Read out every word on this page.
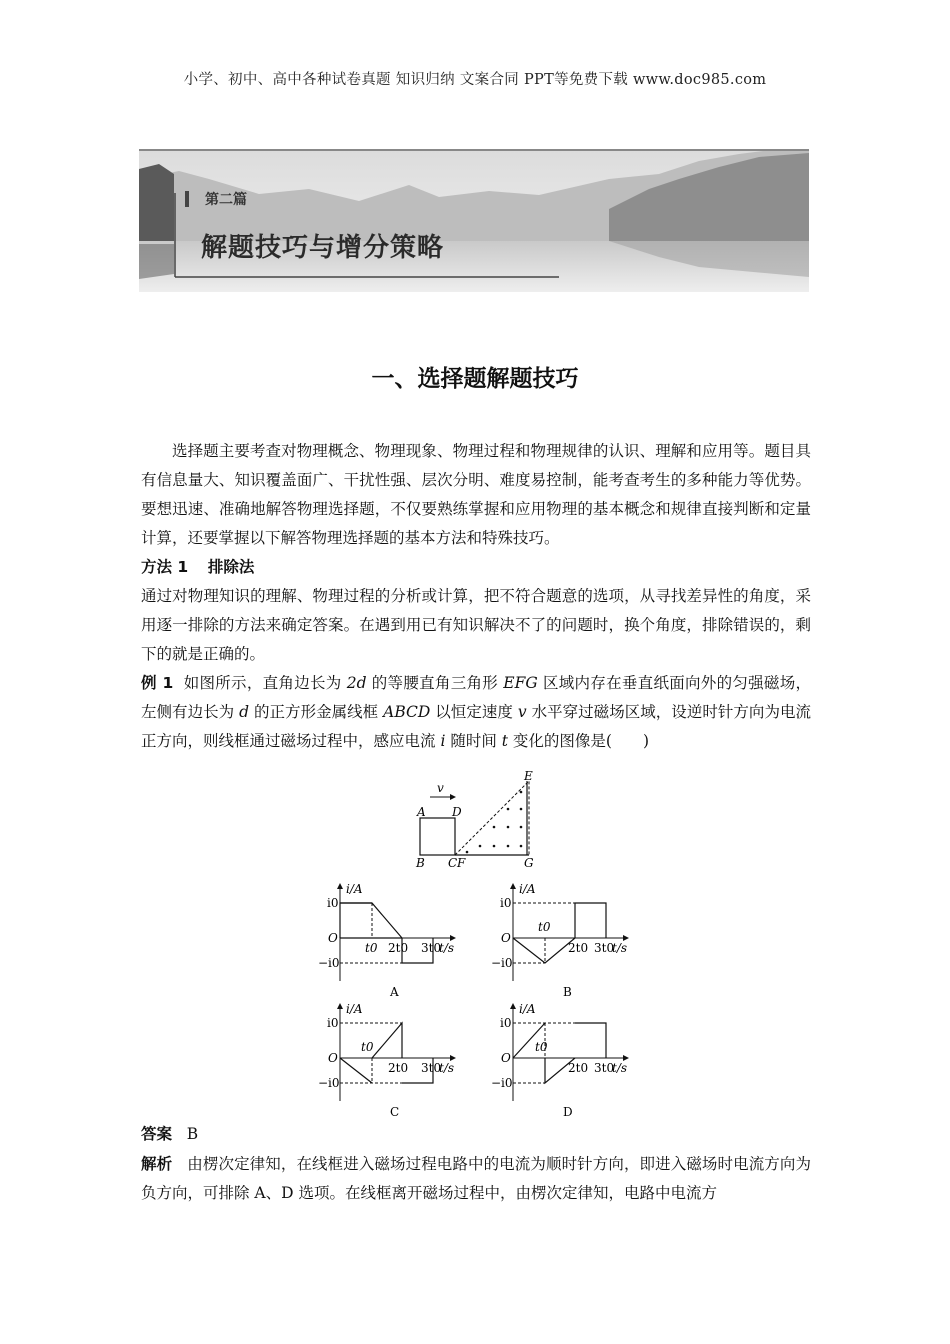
小学、初中、高中各种试卷真题 知识归纳 文案合同 PPT等免费下载 www.doc985.com
第二篇
解题技巧与增分策略
一、选择题解题技巧
选择题主要考查对物理概念、物理现象、物理过程和物理规律的认识、理解和应用等。题目具有信息量大、知识覆盖面广、干扰性强、层次分明、难度易控制，能考查考生的多种能力等优势。要想迅速、准确地解答物理选择题，不仅要熟练掌握和应用物理的基本概念和规律直接判断和定量计算，还要掌握以下解答物理选择题的基本方法和特殊技巧。
方法 1 排除法
通过对物理知识的理解、物理过程的分析或计算，把不符合题意的选项，从寻找差异性的角度，采用逐一排除的方法来确定答案。在遇到用已有知识解决不了的问题时，换个角度，排除错误的，剩下的就是正确的。
例 1 如图所示，直角边长为 2d 的等腰直角三角形 EFG 区域内存在垂直纸面向外的匀强磁场，左侧有边长为 d 的正方形金属线框 ABCD 以恒定速度 v 水平穿过磁场区域，设逆时针方向为电流正方向，则线框通过磁场过程中，感应电流 i 随时间 t 变化的图像是(　　)
v
A D
B C F
E
G
i/A
i0
O
−i0
t0 2t0 3t0
t/s
A
i/A
i0
O
−i0
t0
2t0 3t0
t/s
B
i/A
i0
O
−i0
t0
2t0 3t0
t/s
C
i/A
i0
O
−i0
t0
2t0 3t0
t/s
D
答案 B
解析 由楞次定律知，在线框进入磁场过程电路中的电流为顺时针方向，即进入磁场时电流方向为负方向，可排除 A、D 选项。在线框离开磁场过程中，由楞次定律知，电路中电流方
